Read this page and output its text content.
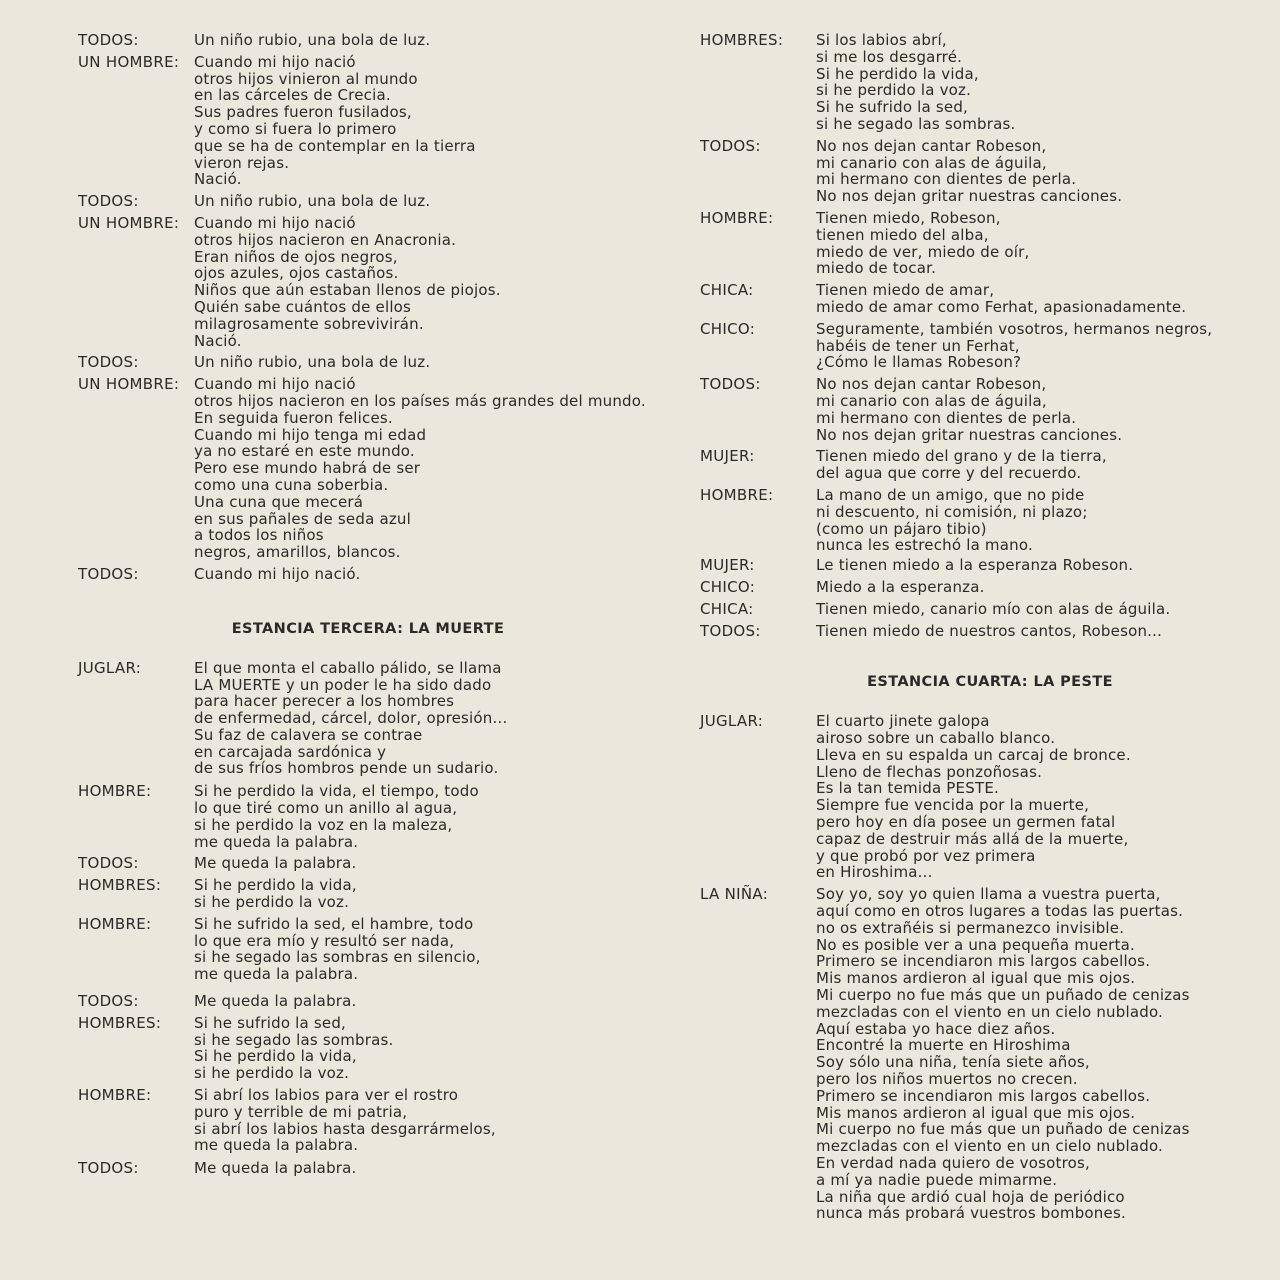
TODOS:	Un niño rubio, una bola de luz.
UN HOMBRE: Cuando mi hijo nació
otros hijos vinieron al mundo
en las cárceles de Crecia.
Sus padres fueron fusilados,
y como si fuera lo primero
que se ha de contemplar en la tierra
vieron rejas.
Nació.
TODOS:	Un niño rubio, una bola de luz.
UN HOMBRE: Cuando mi hijo nació
otros hijos nacieron en Anacronia.
Eran niños de ojos negros,
ojos azules, ojos castaños.
Niños que aún estaban llenos de piojos.
Quién sabe cuántos de ellos
milagrosamente sobrevivirán.
Nació.
TODOS:	Un niño rubio, una bola de luz.
UN HOMBRE: Cuando mi hijo nació
otros hijos nacieron en los países más grandes del mundo.
En seguida fueron felices.
Cuando mi hijo tenga mi edad
ya no estaré en este mundo.
Pero ese mundo habrá de ser
como una cuna soberbia.
Una cuna que mecerá
en sus pañales de seda azul
a todos los niños
negros, amarillos, blancos.
TODOS:	Cuando mi hijo nació.
ESTANCIA TERCERA: LA MUERTE
JUGLAR:	El que monta el caballo pálido, se llama
LA MUERTE y un poder le ha sido dado
para hacer perecer a los hombres
de enfermedad, cárcel, dolor, opresión...
Su faz de calavera se contrae
en carcajada sardónica y
de sus fríos hombros pende un sudario.
HOMBRE:	Si he perdido la vida, el tiempo, todo
lo que tiré como un anillo al agua,
si he perdido la voz en la maleza,
me queda la palabra.
TODOS:	Me queda la palabra.
HOMBRES:	Si he perdido la vida,
si he perdido la voz.
HOMBRE:	Si he sufrido la sed, el hambre, todo
lo que era mío y resultó ser nada,
si he segado las sombras en silencio,
me queda la palabra.
TODOS:	Me queda la palabra.
HOMBRES:	Si he sufrido la sed,
si he segado las sombras.
Si he perdido la vida,
si he perdido la voz.
HOMBRE:	Si abrí los labios para ver el rostro
puro y terrible de mi patria,
si abrí los labios hasta desgarrármelos,
me queda la palabra.
TODOS:	Me queda la palabra.
HOMBRES:	Si los labios abrí,
si me los desgarré.
Si he perdido la vida,
si he perdido la voz.
Si he sufrido la sed,
si he segado las sombras.
TODOS:	No nos dejan cantar Robeson,
mi canario con alas de águila,
mi hermano con dientes de perla.
No nos dejan gritar nuestras canciones.
HOMBRE:	Tienen miedo, Robeson,
tienen miedo del alba,
miedo de ver, miedo de oír,
miedo de tocar.
CHICA:	Tienen miedo de amar,
miedo de amar como Ferhat, apasionadamente.
CHICO:	Seguramente, también vosotros, hermanos negros,
habéis de tener un Ferhat,
¿Cómo le llamas Robeson?
TODOS:	No nos dejan cantar Robeson,
mi canario con alas de águila,
mi hermano con dientes de perla.
No nos dejan gritar nuestras canciones.
MUJER:	Tienen miedo del grano y de la tierra,
del agua que corre y del recuerdo.
HOMBRE:	La mano de un amigo, que no pide
ni descuento, ni comisión, ni plazo;
(como un pájaro tibio)
nunca les estrechó la mano.
MUJER:	Le tienen miedo a la esperanza Robeson.
CHICO:	Miedo a la esperanza.
CHICA:	Tienen miedo, canario mío con alas de águila.
TODOS:	Tienen miedo de nuestros cantos, Robeson...
ESTANCIA CUARTA: LA PESTE
JUGLAR:	El cuarto jinete galopa
airoso sobre un caballo blanco.
Lleva en su espalda un carcaj de bronce.
Lleno de flechas ponzoñosas.
Es la tan temida PESTE.
Siempre fue vencida por la muerte,
pero hoy en día posee un germen fatal
capaz de destruir más allá de la muerte,
y que probó por vez primera
en Hiroshima...
LA NIÑA:	Soy yo, soy yo quien llama a vuestra puerta,
aquí como en otros lugares a todas las puertas.
no os extrañéis si permanezco invisible.
No es posible ver a una pequeña muerta.
Primero se incendiaron mis largos cabellos.
Mis manos ardieron al igual que mis ojos.
Mi cuerpo no fue más que un puñado de cenizas
mezcladas con el viento en un cielo nublado.
Aquí estaba yo hace diez años.
Encontré la muerte en Hiroshima
Soy sólo una niña, tenía siete años,
pero los niños muertos no crecen.
Primero se incendiaron mis largos cabellos.
Mis manos ardieron al igual que mis ojos.
Mi cuerpo no fue más que un puñado de cenizas
mezcladas con el viento en un cielo nublado.
En verdad nada quiero de vosotros,
a mí ya nadie puede mimarme.
La niña que ardió cual hoja de periódico
nunca más probará vuestros bombones.
